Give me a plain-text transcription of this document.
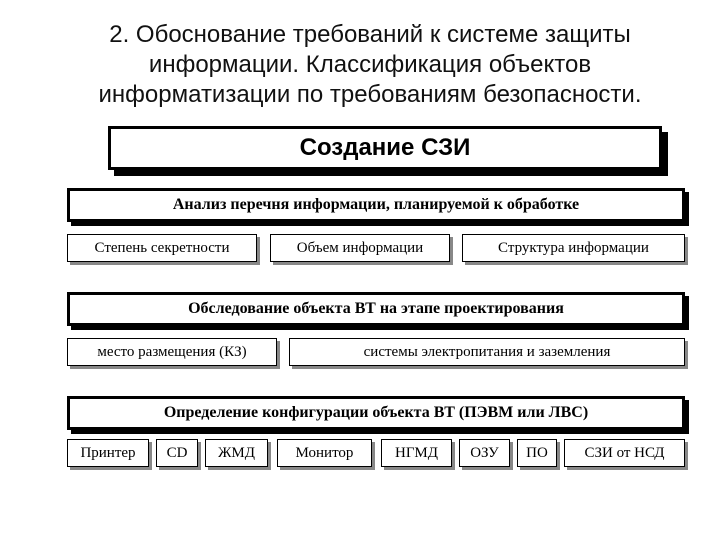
2. Обоснование требований к системе защиты
информации. Классификация объектов
информатизации по требованиям безопасности.
Создание СЗИ
Анализ перечня информации, планируемой к обработке
Степень секретности	Объем информации	Структура информации
Обследование объекта ВТ на этапе проектирования
место размещения (КЗ)	системы электропитания и заземления
Определение конфигурации объекта ВТ (ПЭВМ или ЛВС)
Принтер	CD	ЖМД	Монитор	НГМД	ОЗУ	ПО	СЗИ от НСД
